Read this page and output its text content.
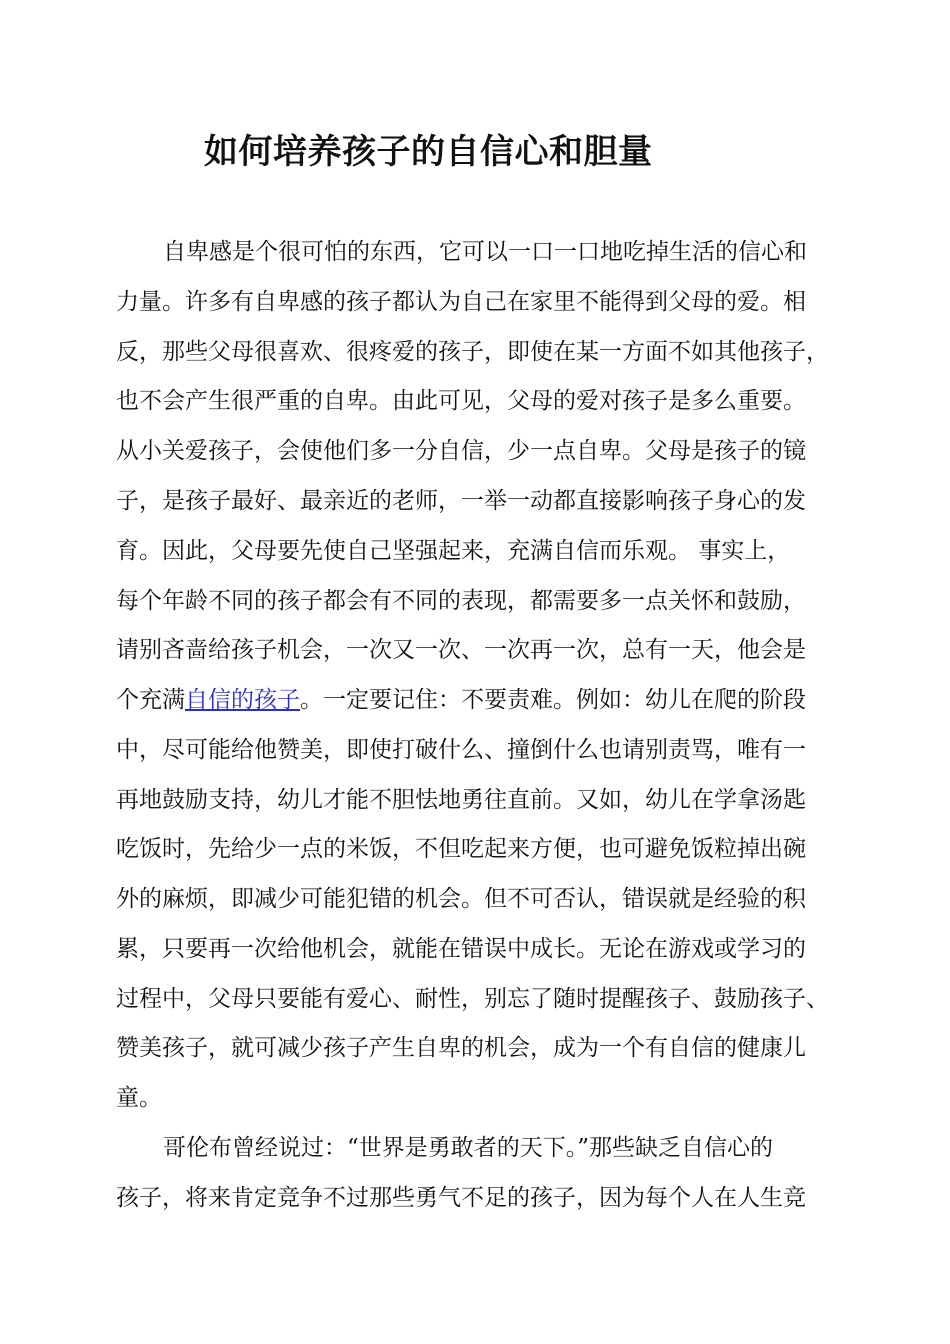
如何培养孩子的自信心和胆量

自卑感是个很可怕的东西，它可以一口一口地吃掉生活的信心和

力量。许多有自卑感的孩子都认为自己在家里不能得到父母的爱。相

反，那些父母很喜欢、很疼爱的孩子，即使在某一方面不如其他孩子，

也不会产生很严重的自卑。由此可见，父母的爱对孩子是多么重要。

从小关爱孩子，会使他们多一分自信，少一点自卑。父母是孩子的镜

子，是孩子最好、最亲近的老师，一举一动都直接影响孩子身心的发

育。因此，父母要先使自己坚强起来，充满自信而乐观。 事实上，

每个年龄不同的孩子都会有不同的表现，都需要多一点关怀和鼓励，

请别吝啬给孩子机会，一次又一次、一次再一次，总有一天，他会是

个充满自信的孩子。一定要记住：不要责难。例如：幼儿在爬的阶段

中，尽可能给他赞美，即使打破什么、撞倒什么也请别责骂，唯有一

再地鼓励支持，幼儿才能不胆怯地勇往直前。又如，幼儿在学拿汤匙

吃饭时，先给少一点的米饭，不但吃起来方便，也可避免饭粒掉出碗

外的麻烦，即减少可能犯错的机会。但不可否认，错误就是经验的积

累，只要再一次给他机会，就能在错误中成长。无论在游戏或学习的

过程中，父母只要能有爱心、耐性，别忘了随时提醒孩子、鼓励孩子、

赞美孩子，就可减少孩子产生自卑的机会，成为一个有自信的健康儿

童。

哥伦布曾经说过：“世界是勇敢者的天下。”那些缺乏自信心的

孩子，将来肯定竞争不过那些勇气不足的孩子，因为每个人在人生竞
